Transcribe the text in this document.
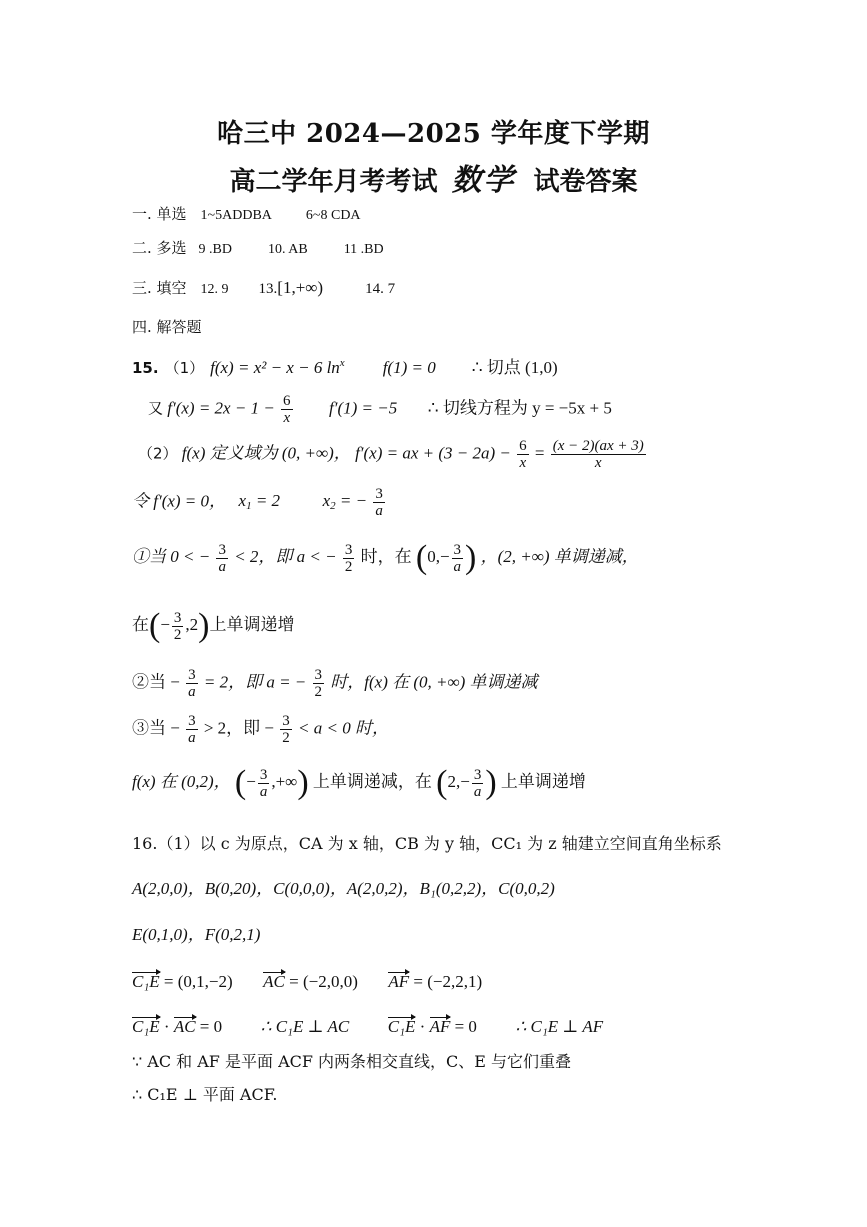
哈三中 2024—2025 学年度下学期
高二学年月考考试 数学 试卷答案
一. 单选 1~5ADDBA 6~8 CDA
二. 多选 9 .BD	10. AB	11 .BD
三. 填空 12. 9 13.[1,+∞)	14. 7
四. 解答题
15. （1） f(x) = x² − x − 6 $\ln^x f(1) = 0$ ∴ 切点 (1,0)
又 $f'(x) = 2x - 1 - \frac{6}{x} f'(1) = -5$ ∴ 切线方程为 y = −5x + 5
（2） f(x) 定义域为 (0, +∞)， f′(x) = ax + $(3 - 2a) - \frac{6}{x} = \frac{(x - 2)(ax + 3)}{x}$
令 f′(x) = 0， $x_1 = 2$	$x_2$ = − $\frac{3}{a}$
①当 0 < − $\frac{3}{a} < 2$，即 a < − $\frac{3}{2}$ 时，在 ($0,- \frac{3}{a}$ ) ，(2, +∞) 单调递减，
在(− $\frac{3}{2} ,2$)上单调递增
②当 − $\frac{3}{a} = 2$，即 a = − $\frac{3}{2}$ 时，f(x) 在 (0, +∞) 单调递减
③当 − $\frac{3}{a} > 2$，即 − $\frac{3}{2} < a < 0$ 时，
f(x) 在 (0,2)， (− $\frac{3}{a}$ ,+∞) 上单调递减，在 ($2,- \frac{3}{a}$ ) 上单调递增
16.（1）以 c 为原点，CA 为 x 轴，CB 为 y 轴，CC₁ 为 z 轴建立空间直角坐标系
A(2,0,0)，B(0,20)，C(0,0,0)，A(2,0,2)，B₁(0,2,2)，C(0,0,2)
E(0,1,0)，F(0,2,1)
C₁E = (0,1,−2) AC = (−2,0,0) AF = (−2,2,1)
C₁E · AC = 0 ∴ C₁E ⊥ AC C₁E · AF = 0 ∴ C₁E ⊥ AF
∵ AC 和 AF 是平面 ACF 内两条相交直线，C、E 与它们重叠
∴ C₁E ⊥ 平面 ACF.
